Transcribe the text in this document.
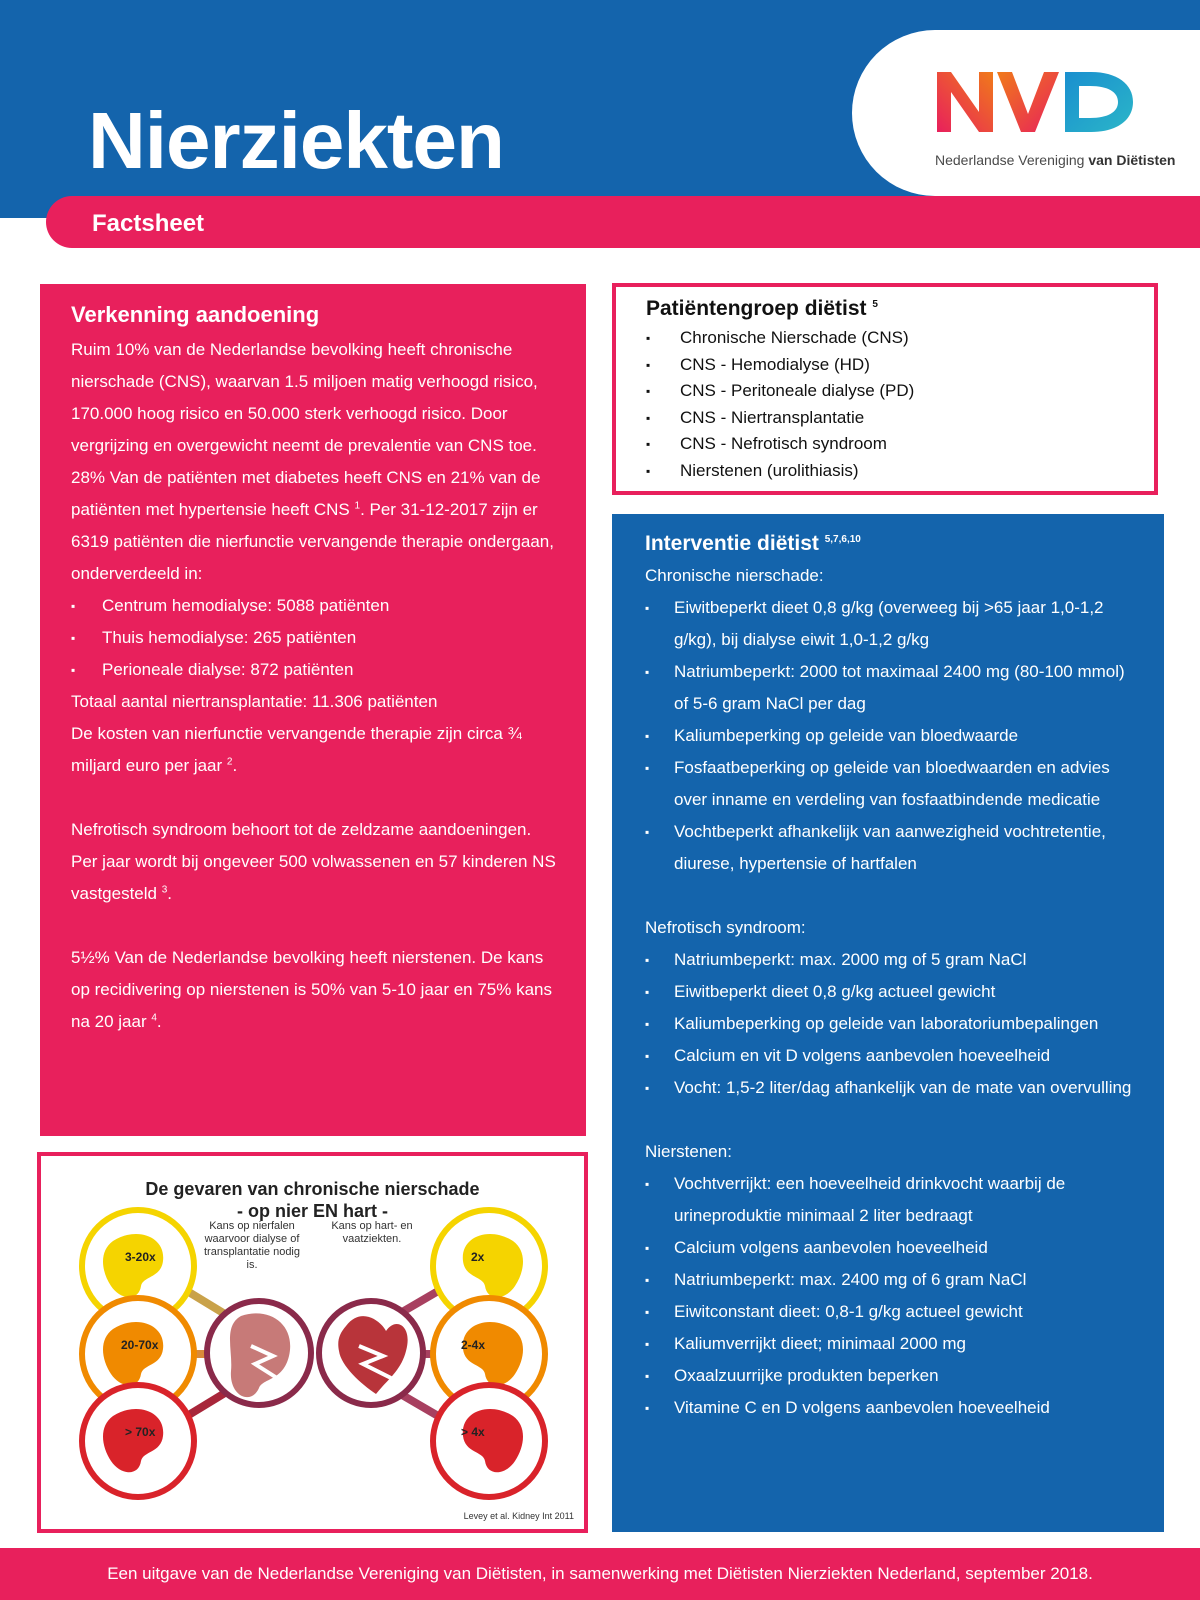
Nierziekten
Factsheet
Nederlandse Vereniging van Diëtisten
Verkenning aandoening

Ruim 10% van de Nederlandse bevolking heeft chronische nierschade (CNS), waarvan 1.5 miljoen matig verhoogd risico, 170.000 hoog risico en 50.000 sterk verhoogd risico. Door vergrijzing en overgewicht neemt de prevalentie van CNS toe.

28% Van de patiënten met diabetes heeft CNS en 21% van de patiënten met hypertensie heeft CNS $^1$. Per 31-12-2017 zijn er 6319 patiënten die nierfunctie vervangende therapie ondergaan, onderverdeeld in:

▪ Centrum hemodialyse: 5088 patiënten
▪ Thuis hemodialyse: 265 patiënten
▪ Perioneale dialyse: 872 patiënten

Totaal aantal niertransplantatie: 11.306 patiënten

De kosten van nierfunctie vervangende therapie zijn circa ¾ miljard euro per jaar $^2$.

Nefrotisch syndroom behoort tot de zeldzame aandoeningen. Per jaar wordt bij ongeveer 500 volwassenen en 57 kinderen NS vastgesteld $^3$.

5½% Van de Nederlandse bevolking heeft nierstenen. De kans op recidivering op nierstenen is 50% van 5-10 jaar en 75% kans na 20 jaar $^4$.

Patiëntengroep diëtist $^5$
▪ Chronische Nierschade (CNS)
▪ CNS - Hemodialyse (HD)
▪ CNS - Peritoneale dialyse (PD)
▪ CNS - Niertransplantatie
▪ CNS - Nefrotisch syndroom
▪ Nierstenen (urolithiasis)
Interventie diëtist $^{5,7,6,10}$
Chronische nierschade:
▪ Eiwitbeperkt dieet 0,8 g/kg (overweeg bij >65 jaar 1,0-1,2 g/kg), bij dialyse eiwit 1,0-1,2 g/kg
▪ Natriumbeperkt: 2000 tot maximaal 2400 mg (80-100 mmol) of 5-6 gram NaCl per dag
▪ Kaliumbeperking op geleide van bloedwaarde
▪ Fosfaatbeperking op geleide van bloedwaarden en advies over inname en verdeling van fosfaatbindende medicatie
▪ Vochtbeperkt afhankelijk van aanwezigheid vochtretentie, diurese, hypertensie of hartfalen
Nefrotisch syndroom:
▪ Natriumbeperkt: max. 2000 mg of 5 gram NaCl
▪ Eiwitbeperkt dieet 0,8 g/kg actueel gewicht
▪ Kaliumbeperking op geleide van laboratoriumbepalingen
▪ Calcium en vit D volgens aanbevolen hoeveelheid
▪ Vocht: 1,5-2 liter/dag afhankelijk van de mate van overvulling
Nierstenen:
▪ Vochtverrijkt: een hoeveelheid drinkvocht waarbij de urineproduktie minimaal 2 liter bedraagt
▪ Calcium volgens aanbevolen hoeveelheid
▪ Natriumbeperkt: max. 2400 mg of 6 gram NaCl
▪ Eiwitconstant dieet: 0,8-1 g/kg actueel gewicht
▪ Kaliumverrijkt dieet; minimaal 2000 mg
▪ Oxaalzuurrijke produkten beperken
▪ Vitamine C en D volgens aanbevolen hoeveelheid
De gevaren van chronische nierschade
- op nier EN hart -
3-20x
20-70x
> 70x
2x
2-4x
> 4x
Kans op nierfalen waarvoor dialyse of transplantatie nodig is.
Kans op hart- en vaatziekten.
Levey et al. Kidney Int 2011
Een uitgave van de Nederlandse Vereniging van Diëtisten, in samenwerking met Diëtisten Nierziekten Nederland, september 2018.
